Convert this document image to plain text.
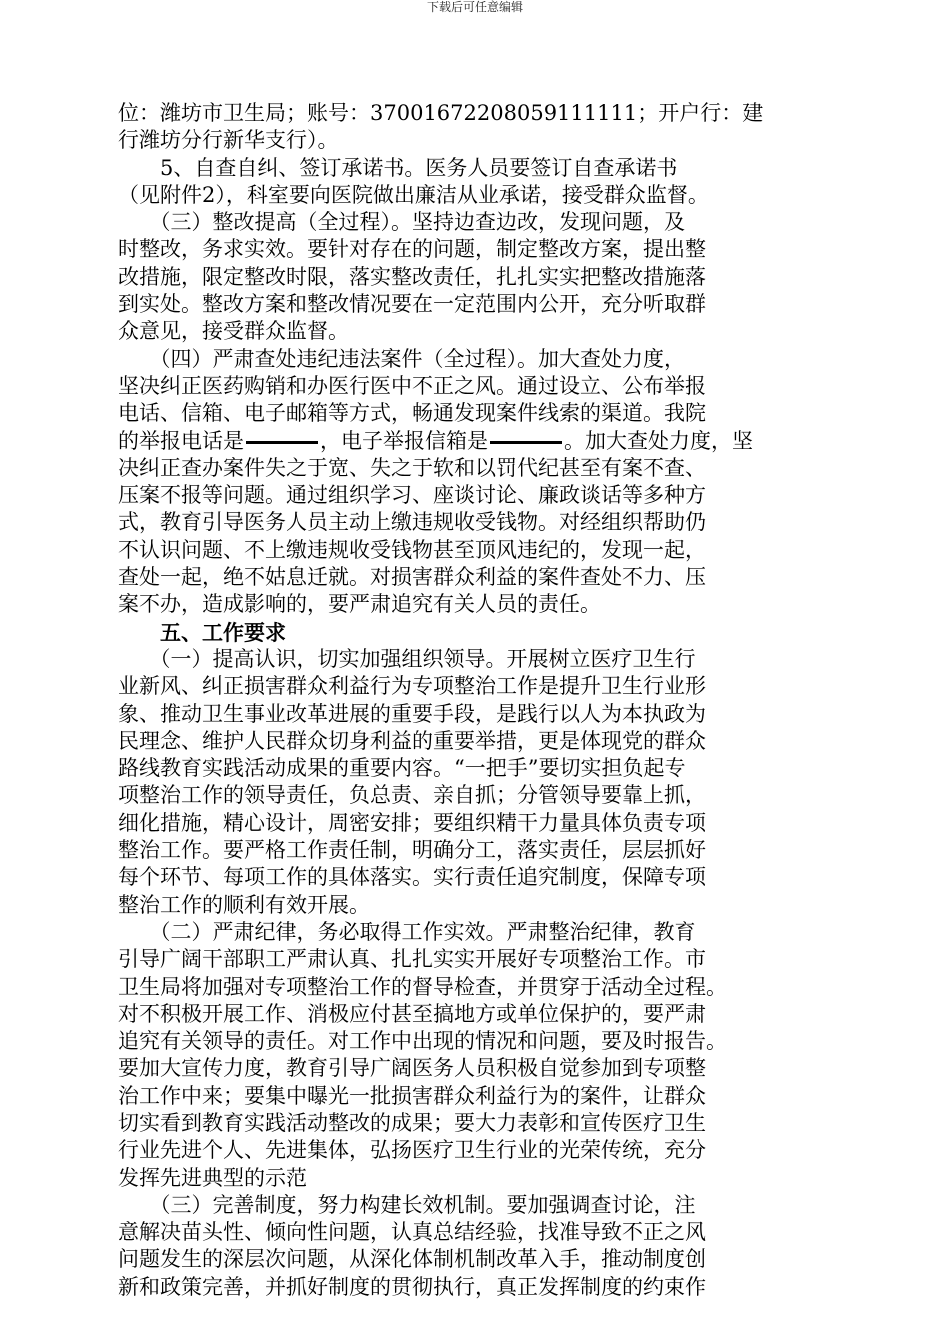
下载后可任意编辑
位：潍坊市卫生局；账号：37001672208059111111；开户行：建
行潍坊分行新华支行）。
　　5、自查自纠、签订承诺书。医务人员要签订自查承诺书
（见附件2），科室要向医院做出廉洁从业承诺，接受群众监督。
　　（三）整改提高（全过程）。坚持边查边改，发现问题，及
时整改，务求实效。要针对存在的问题，制定整改方案，提出整
改措施，限定整改时限，落实整改责任，扎扎实实把整改措施落
到实处。整改方案和整改情况要在一定范围内公开，充分听取群
众意见，接受群众监督。
　　（四）严肃查处违纪违法案件（全过程）。加大查处力度，
坚决纠正医药购销和办医行医中不正之风。通过设立、公布举报
电话、信箱、电子邮箱等方式，畅通发现案件线索的渠道。我院
的举报电话是	，电子举报信箱是	。加大查处力度，坚
决纠正查办案件失之于宽、失之于软和以罚代纪甚至有案不查、
压案不报等问题。通过组织学习、座谈讨论、廉政谈话等多种方
式，教育引导医务人员主动上缴违规收受钱物。对经组织帮助仍
不认识问题、不上缴违规收受钱物甚至顶风违纪的，发现一起，
查处一起，绝不姑息迁就。对损害群众利益的案件查处不力、压
案不办，造成影响的，要严肃追究有关人员的责任。
　　五、工作要求
　　（一）提高认识，切实加强组织领导。开展树立医疗卫生行
业新风、纠正损害群众利益行为专项整治工作是提升卫生行业形
象、推动卫生事业改革进展的重要手段，是践行以人为本执政为
民理念、维护人民群众切身利益的重要举措，更是体现党的群众
路线教育实践活动成果的重要内容。“一把手”要切实担负起专
项整治工作的领导责任，负总责、亲自抓；分管领导要靠上抓，
细化措施，精心设计，周密安排；要组织精干力量具体负责专项
整治工作。要严格工作责任制，明确分工，落实责任，层层抓好
每个环节、每项工作的具体落实。实行责任追究制度，保障专项
整治工作的顺利有效开展。
　　（二）严肃纪律，务必取得工作实效。严肃整治纪律，教育
引导广阔干部职工严肃认真、扎扎实实开展好专项整治工作。市
卫生局将加强对专项整治工作的督导检查，并贯穿于活动全过程。
对不积极开展工作、消极应付甚至搞地方或单位保护的，要严肃
追究有关领导的责任。对工作中出现的情况和问题，要及时报告。
要加大宣传力度，教育引导广阔医务人员积极自觉参加到专项整
治工作中来；要集中曝光一批损害群众利益行为的案件，让群众
切实看到教育实践活动整改的成果；要大力表彰和宣传医疗卫生
行业先进个人、先进集体，弘扬医疗卫生行业的光荣传统，充分
发挥先进典型的示范
　　（三）完善制度，努力构建长效机制。要加强调查讨论，注
意解决苗头性、倾向性问题，认真总结经验，找准导致不正之风
问题发生的深层次问题，从深化体制机制改革入手，推动制度创
新和政策完善，并抓好制度的贯彻执行，真正发挥制度的约束作
